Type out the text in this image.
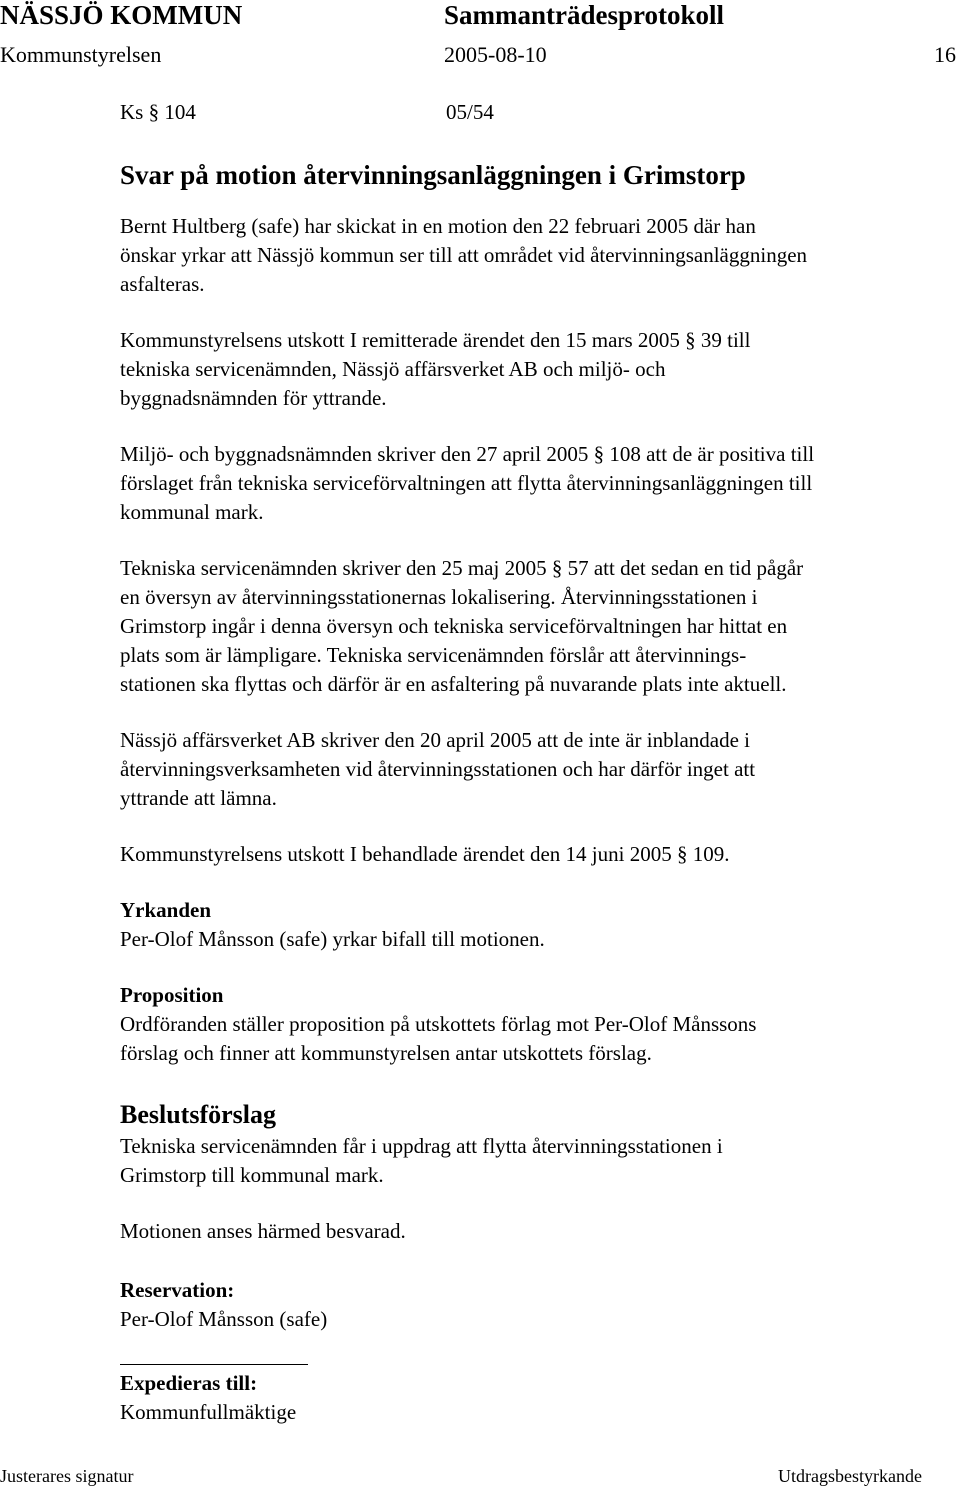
NÄSSJÖ KOMMUN	Sammanträdesprotokoll
Kommunstyrelsen	2005-08-10	16
Ks § 104	05/54
Svar på motion återvinningsanläggningen i Grimstorp

Bernt Hultberg (safe) har skickat in en motion den 22 februari 2005 där han
önskar yrkar att Nässjö kommun ser till att området vid återvinningsanläggningen
asfalteras.

Kommunstyrelsens utskott I remitterade ärendet den 15 mars 2005 § 39 till
tekniska servicenämnden, Nässjö affärsverket AB och miljö- och
byggnadsnämnden för yttrande.

Miljö- och byggnadsnämnden skriver den 27 april 2005 § 108 att de är positiva till
förslaget från tekniska serviceförvaltningen att flytta återvinningsanläggningen till
kommunal mark.

Tekniska servicenämnden skriver den 25 maj 2005 § 57 att det sedan en tid pågår
en översyn av återvinningsstationernas lokalisering. Återvinningsstationen i
Grimstorp ingår i denna översyn och tekniska serviceförvaltningen har hittat en
plats som är lämpligare. Tekniska servicenämnden förslår att återvinnings-
stationen ska flyttas och därför är en asfaltering på nuvarande plats inte aktuell.

Nässjö affärsverket AB skriver den 20 april 2005 att de inte är inblandade i
återvinningsverksamheten vid återvinningsstationen och har därför inget att
yttrande att lämna.

Kommunstyrelsens utskott I behandlade ärendet den 14 juni 2005 § 109.

Yrkanden

Per-Olof Månsson (safe) yrkar bifall till motionen.

Proposition

Ordföranden ställer proposition på utskottets förlag mot Per-Olof Månssons
förslag och finner att kommunstyrelsen antar utskottets förslag.

Beslutsförslag

Tekniska servicenämnden får i uppdrag att flytta återvinningsstationen i
Grimstorp till kommunal mark.

Motionen anses härmed besvarad.

Reservation:

Per-Olof Månsson (safe)

Expedieras till:

Kommunfullmäktige

Justerares signatur	Utdragsbestyrkande
